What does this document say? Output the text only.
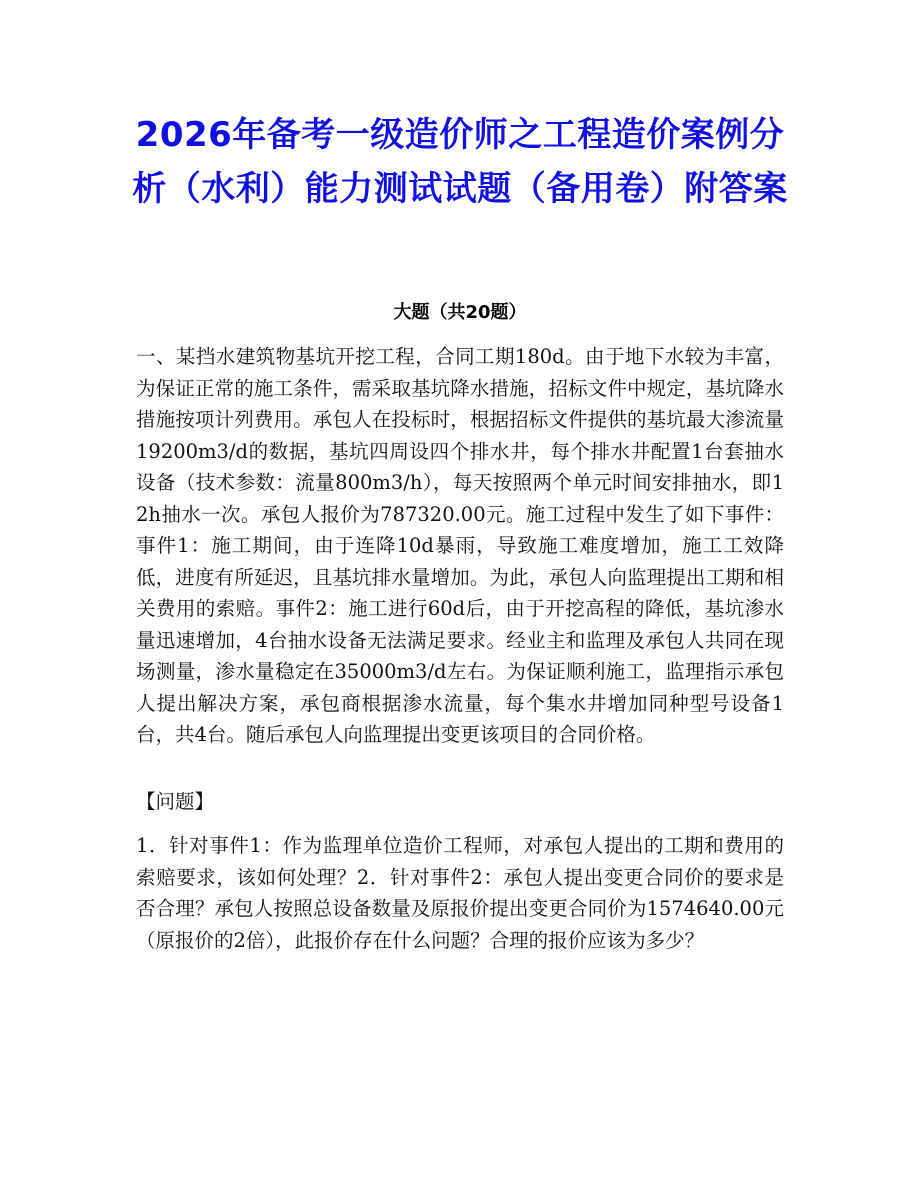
2026年备考一级造价师之工程造价案例分析（水利）能力测试试题（备用卷）附答案
大题（共20题）

一、某挡水建筑物基坑开挖工程，合同工期180d。由于地下水较为丰富，为保证正常的施工条件，需采取基坑降水措施，招标文件中规定，基坑降水措施按项计列费用。承包人在投标时，根据招标文件提供的基坑最大渗流量19200m3/d的数据，基坑四周设四个排水井，每个排水井配置1台套抽水设备（技术参数：流量800m3/h），每天按照两个单元时间安排抽水，即12h抽水一次。承包人报价为787320.00元。施工过程中发生了如下事件：事件1：施工期间，由于连降10d暴雨，导致施工难度增加，施工工效降低，进度有所延迟，且基坑排水量增加。为此，承包人向监理提出工期和相关费用的索赔。事件2：施工进行60d后，由于开挖高程的降低，基坑渗水量迅速增加，4台抽水设备无法满足要求。经业主和监理及承包人共同在现场测量，渗水量稳定在35000m3/d左右。为保证顺利施工，监理指示承包人提出解决方案，承包商根据渗水流量，每个集水井增加同种型号设备1台，共4台。随后承包人向监理提出变更该项目的合同价格。

【问题】

1．针对事件1：作为监理单位造价工程师，对承包人提出的工期和费用的索赔要求，该如何处理？2．针对事件2：承包人提出变更合同价的要求是否合理？承包人按照总设备数量及原报价提出变更合同价为1574640.00元（原报价的2倍），此报价存在什么问题？合理的报价应该为多少？
